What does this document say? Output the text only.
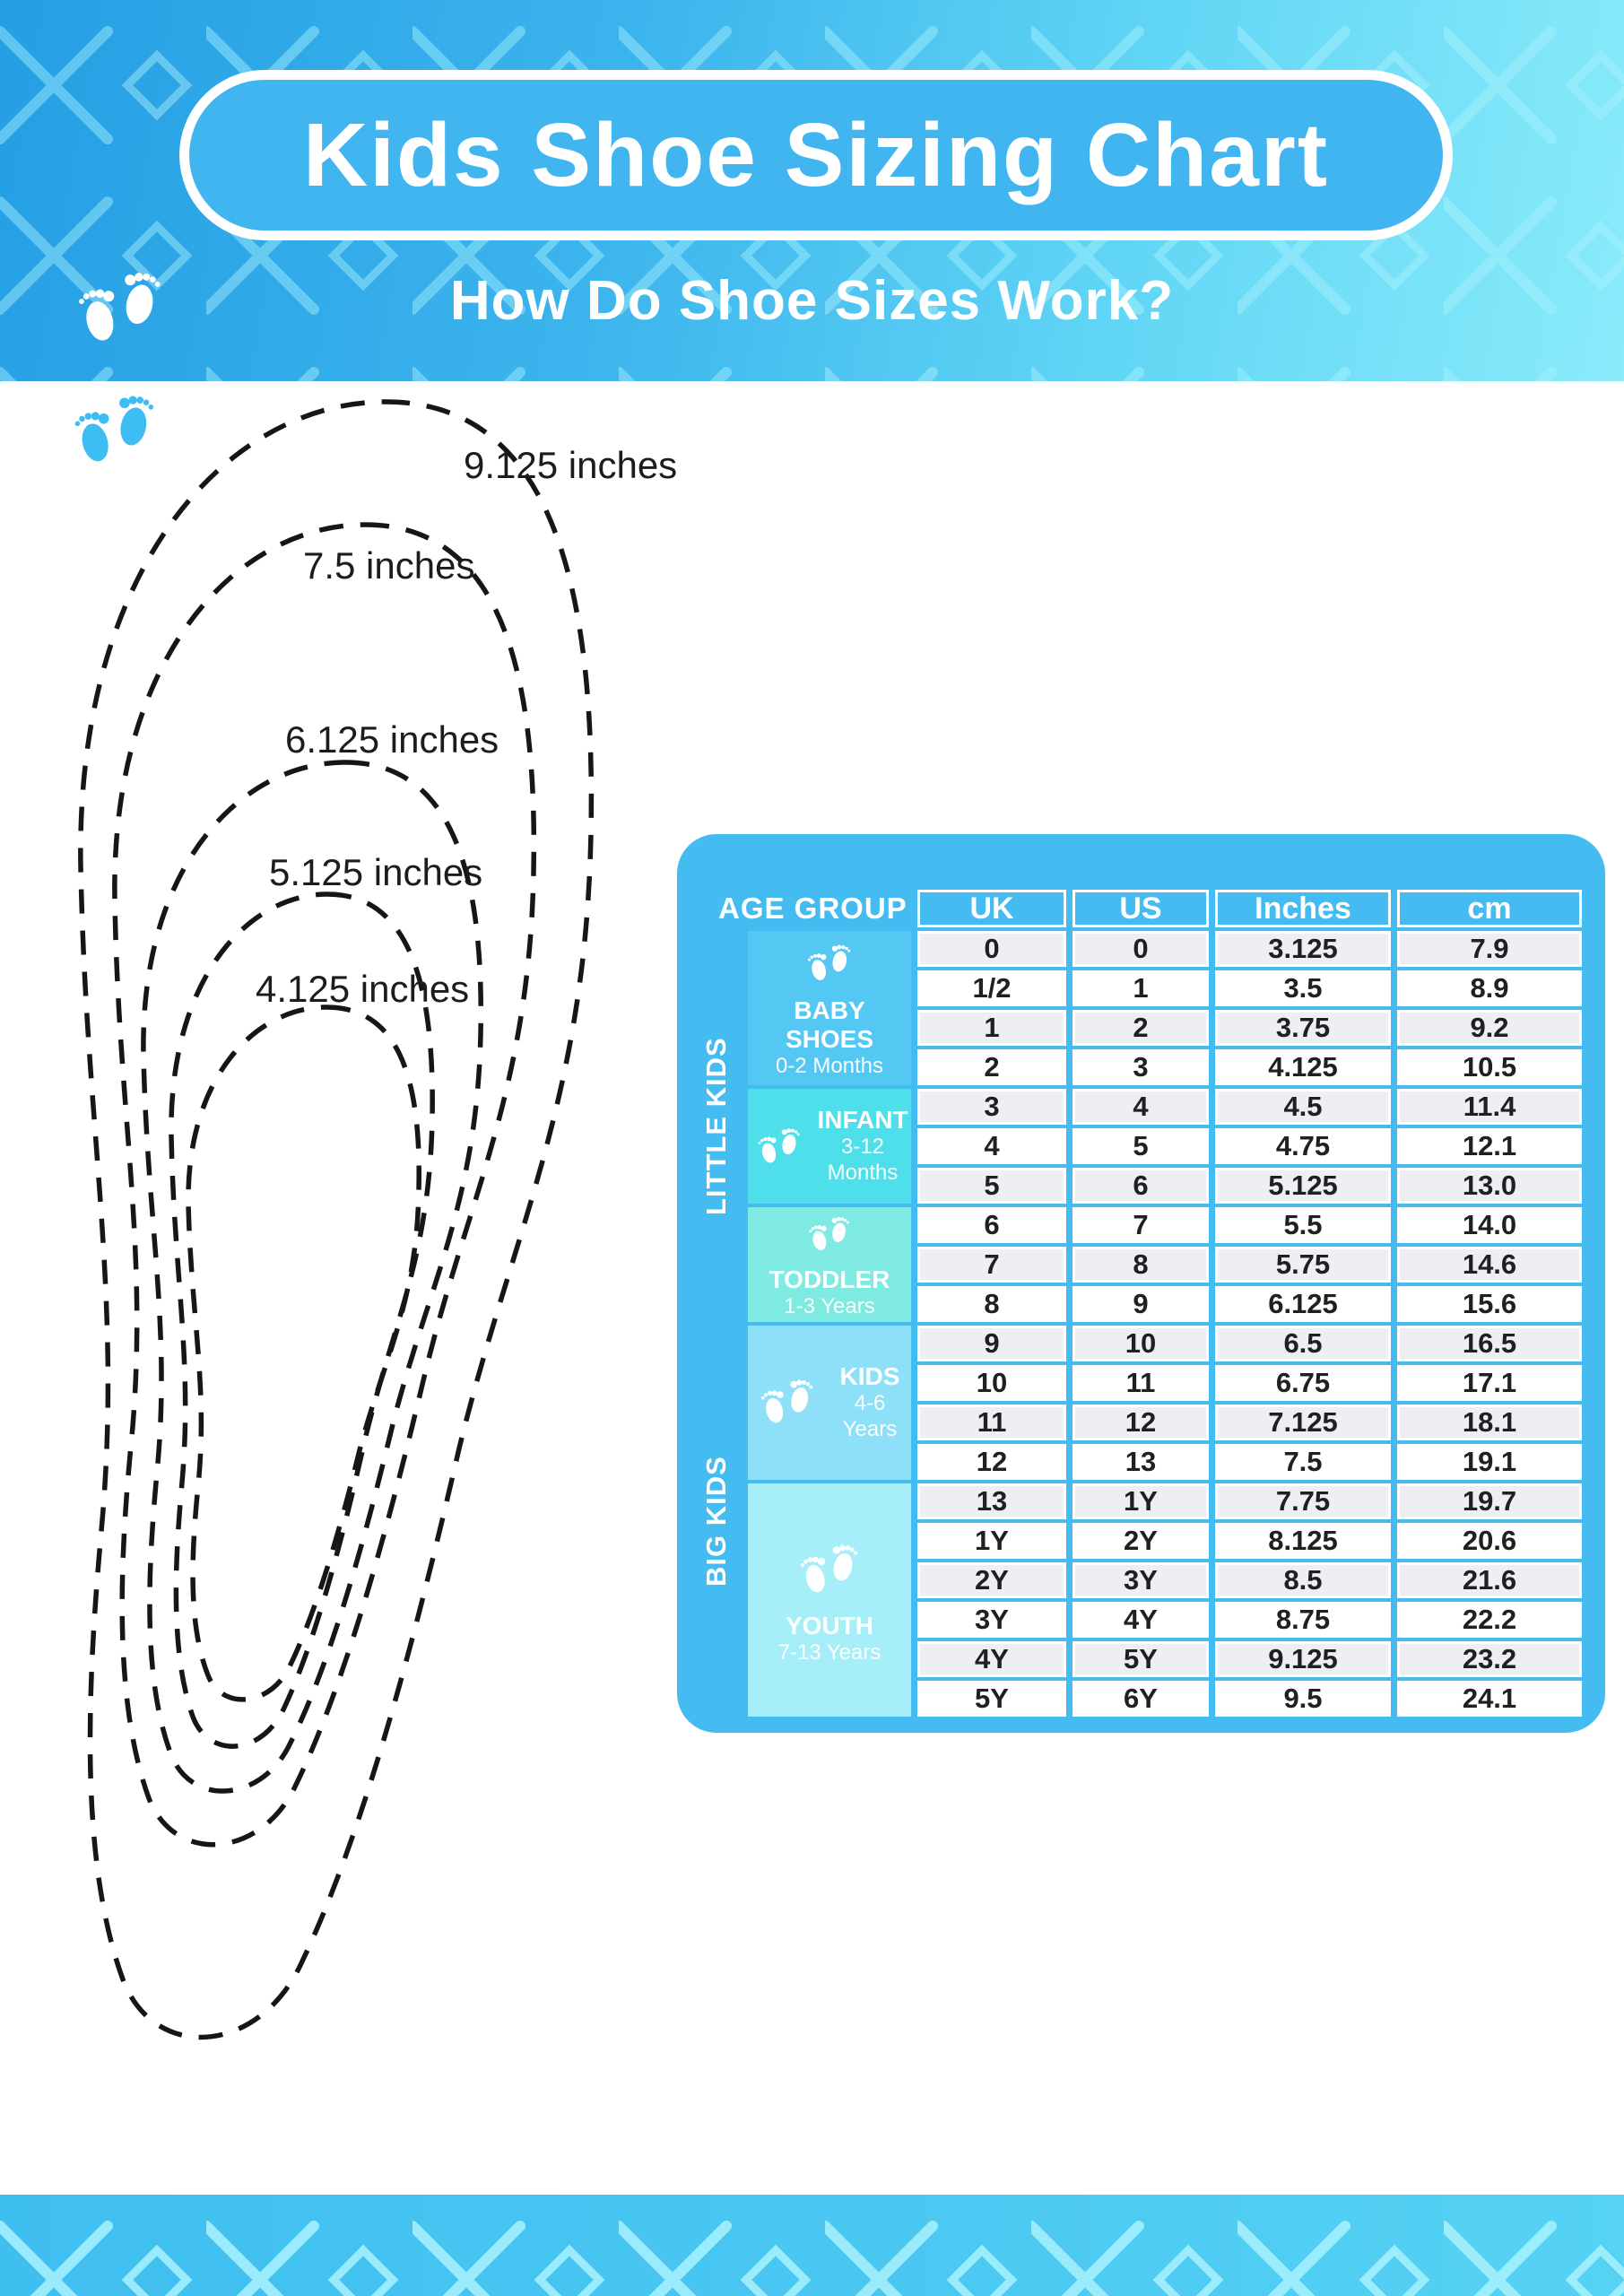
Kids Shoe Sizing Chart
How Do Shoe Sizes Work?
9.125 inches
7.5 inches
6.125 inches
5.125 inches
4.125 inches
AGE GROUP	UK	US	Inches	cm
LITTLE KIDS
BIG KIDS
BABY SHOES
0-2 Months
0	0	3.125	7.9
1/2	1	3.5	8.9
1	2	3.75	9.2
2	3	4.125	10.5
INFANT
3-12 Months
3	4	4.5	11.4
4	5	4.75	12.1
5	6	5.125	13.0
TODDLER
1-3 Years
6	7	5.5	14.0
7	8	5.75	14.6
8	9	6.125	15.6
KIDS
4-6 Years
9	10	6.5	16.5
10	11	6.75	17.1
11	12	7.125	18.1
12	13	7.5	19.1
YOUTH
7-13 Years
13	1Y	7.75	19.7
1Y	2Y	8.125	20.6
2Y	3Y	8.5	21.6
3Y	4Y	8.75	22.2
4Y	5Y	9.125	23.2
5Y	6Y	9.5	24.1
